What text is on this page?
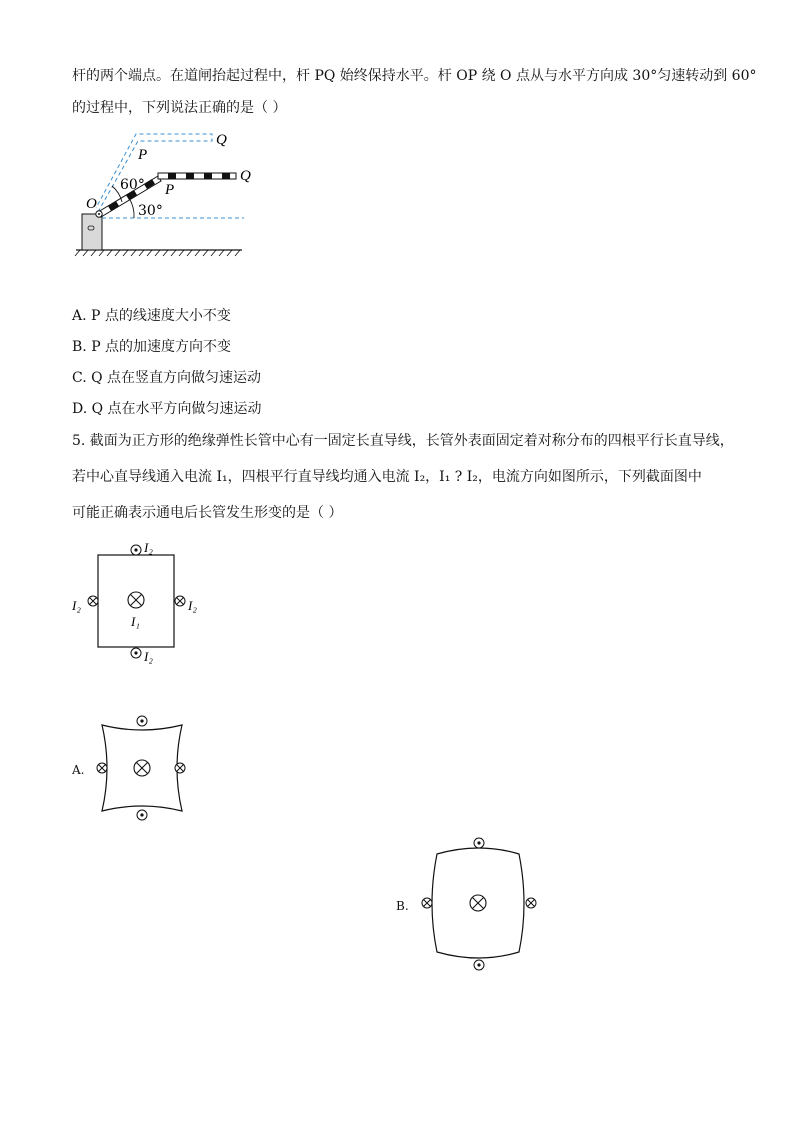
杆的两个端点。在道闸抬起过程中，杆 PQ 始终保持水平。杆 OP 绕 O 点从与水平方向成 30°匀速转动到 60°
的过程中，下列说法正确的是（ ）
O
P
P
Q
Q
60°
30°
A. P 点的线速度大小不变
B. P 点的加速度方向不变
C. Q 点在竖直方向做匀速运动
D. Q 点在水平方向做匀速运动
5. 截面为正方形的绝缘弹性长管中心有一固定长直导线，长管外表面固定着对称分布的四根平行长直导线，
若中心直导线通入电流 I₁，四根平行直导线均通入电流 I₂，I₁ ? I₂，电流方向如图所示，下列截面图中
可能正确表示通电后长管发生形变的是（ ）
I₂
I₂
I₂	I₂
I₁
A.
B.
